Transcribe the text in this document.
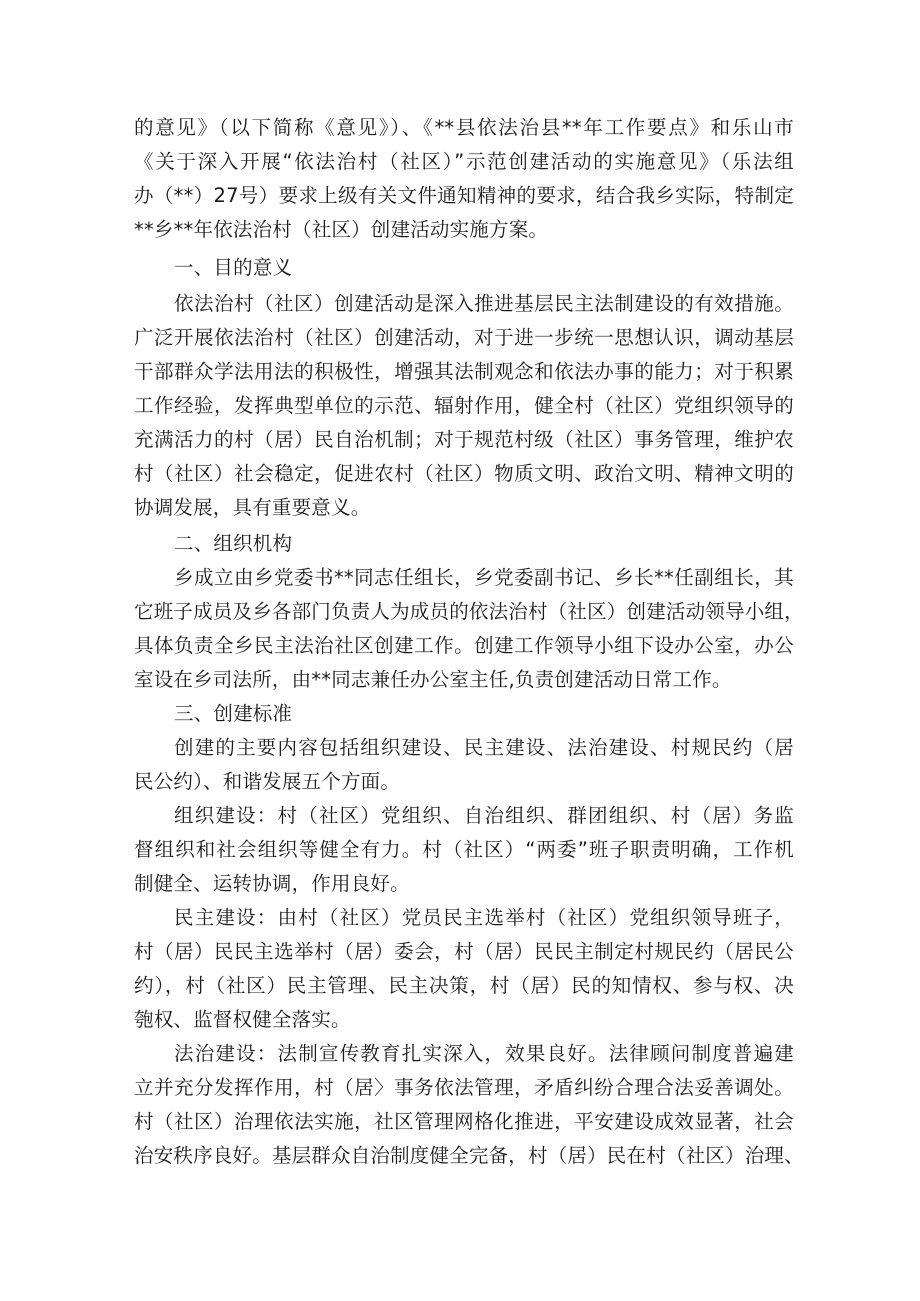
的意见》（以下简称《意见》）、《**县依法治县**年工作要点》和乐山市
《关于深入开展“依法治村（社区）”示范创建活动的实施意见》（乐法组
办（**）27号）要求上级有关文件通知精神的要求，结合我乡实际，特制定
**乡**年依法治村（社区）创建活动实施方案。
一、目的意义
依法治村（社区）创建活动是深入推进基层民主法制建设的有效措施。
广泛开展依法治村（社区）创建活动，对于进一步统一思想认识，调动基层
干部群众学法用法的积极性，增强其法制观念和依法办事的能力；对于积累
工作经验，发挥典型单位的示范、辐射作用，健全村（社区）党组织领导的
充满活力的村（居）民自治机制；对于规范村级（社区）事务管理，维护农
村（社区）社会稳定，促进农村（社区）物质文明、政治文明、精神文明的
协调发展，具有重要意义。
二、组织机构
乡成立由乡党委书**同志任组长，乡党委副书记、乡长**任副组长，其
它班子成员及乡各部门负责人为成员的依法治村（社区）创建活动领导小组，
具体负责全乡民主法治社区创建工作。创建工作领导小组下设办公室，办公
室设在乡司法所，由**同志兼任办公室主任,负责创建活动日常工作。
三、创建标准
创建的主要内容包括组织建设、民主建设、法治建设、村规民约（居
民公约）、和谐发展五个方面。
组织建设：村（社区）党组织、自治组织、群团组织、村（居）务监
督组织和社会组织等健全有力。村（社区）“两委”班子职责明确，工作机
制健全、运转协调，作用良好。
民主建设：由村（社区）党员民主选举村（社区）党组织领导班子，
村（居）民民主选举村（居）委会，村（居）民民主制定村规民约（居民公
约），村（社区）民主管理、民主决策，村（居）民的知情权、参与权、决
匏权、监督权健全落实。
法治建设：法制宣传教育扎实深入，效果良好。法律顾问制度普遍建
立并充分发挥作用，村（居〉事务依法管理，矛盾纠纷合理合法妥善调处。
村（社区）治理依法实施，社区管理网格化推进，平安建设成效显著，社会
治安秩序良好。基层群众自治制度健全完备，村（居）民在村（社区）治理、
